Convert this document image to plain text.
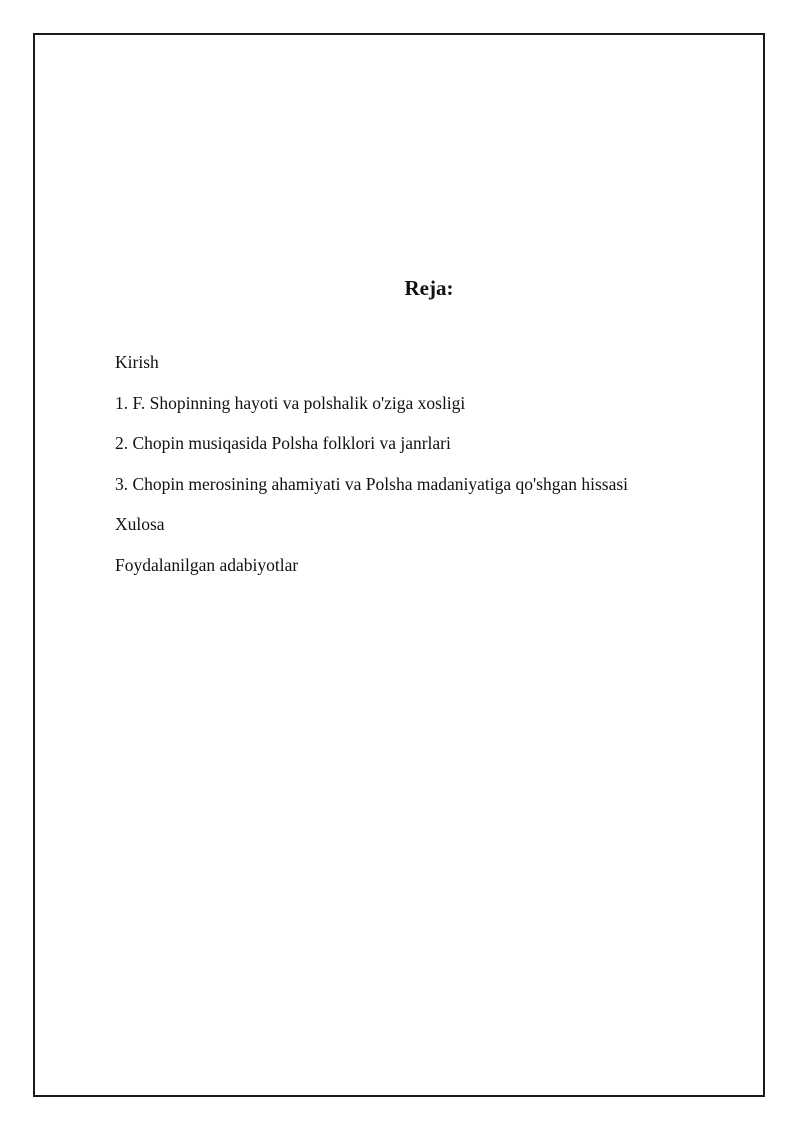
Reja:
Kirish
1. F. Shopinning hayoti va polshalik o'ziga xosligi
2. Chopin musiqasida Polsha folklori va janrlari
3. Chopin merosining ahamiyati va Polsha madaniyatiga qo'shgan hissasi
Xulosa
Foydalanilgan adabiyotlar
